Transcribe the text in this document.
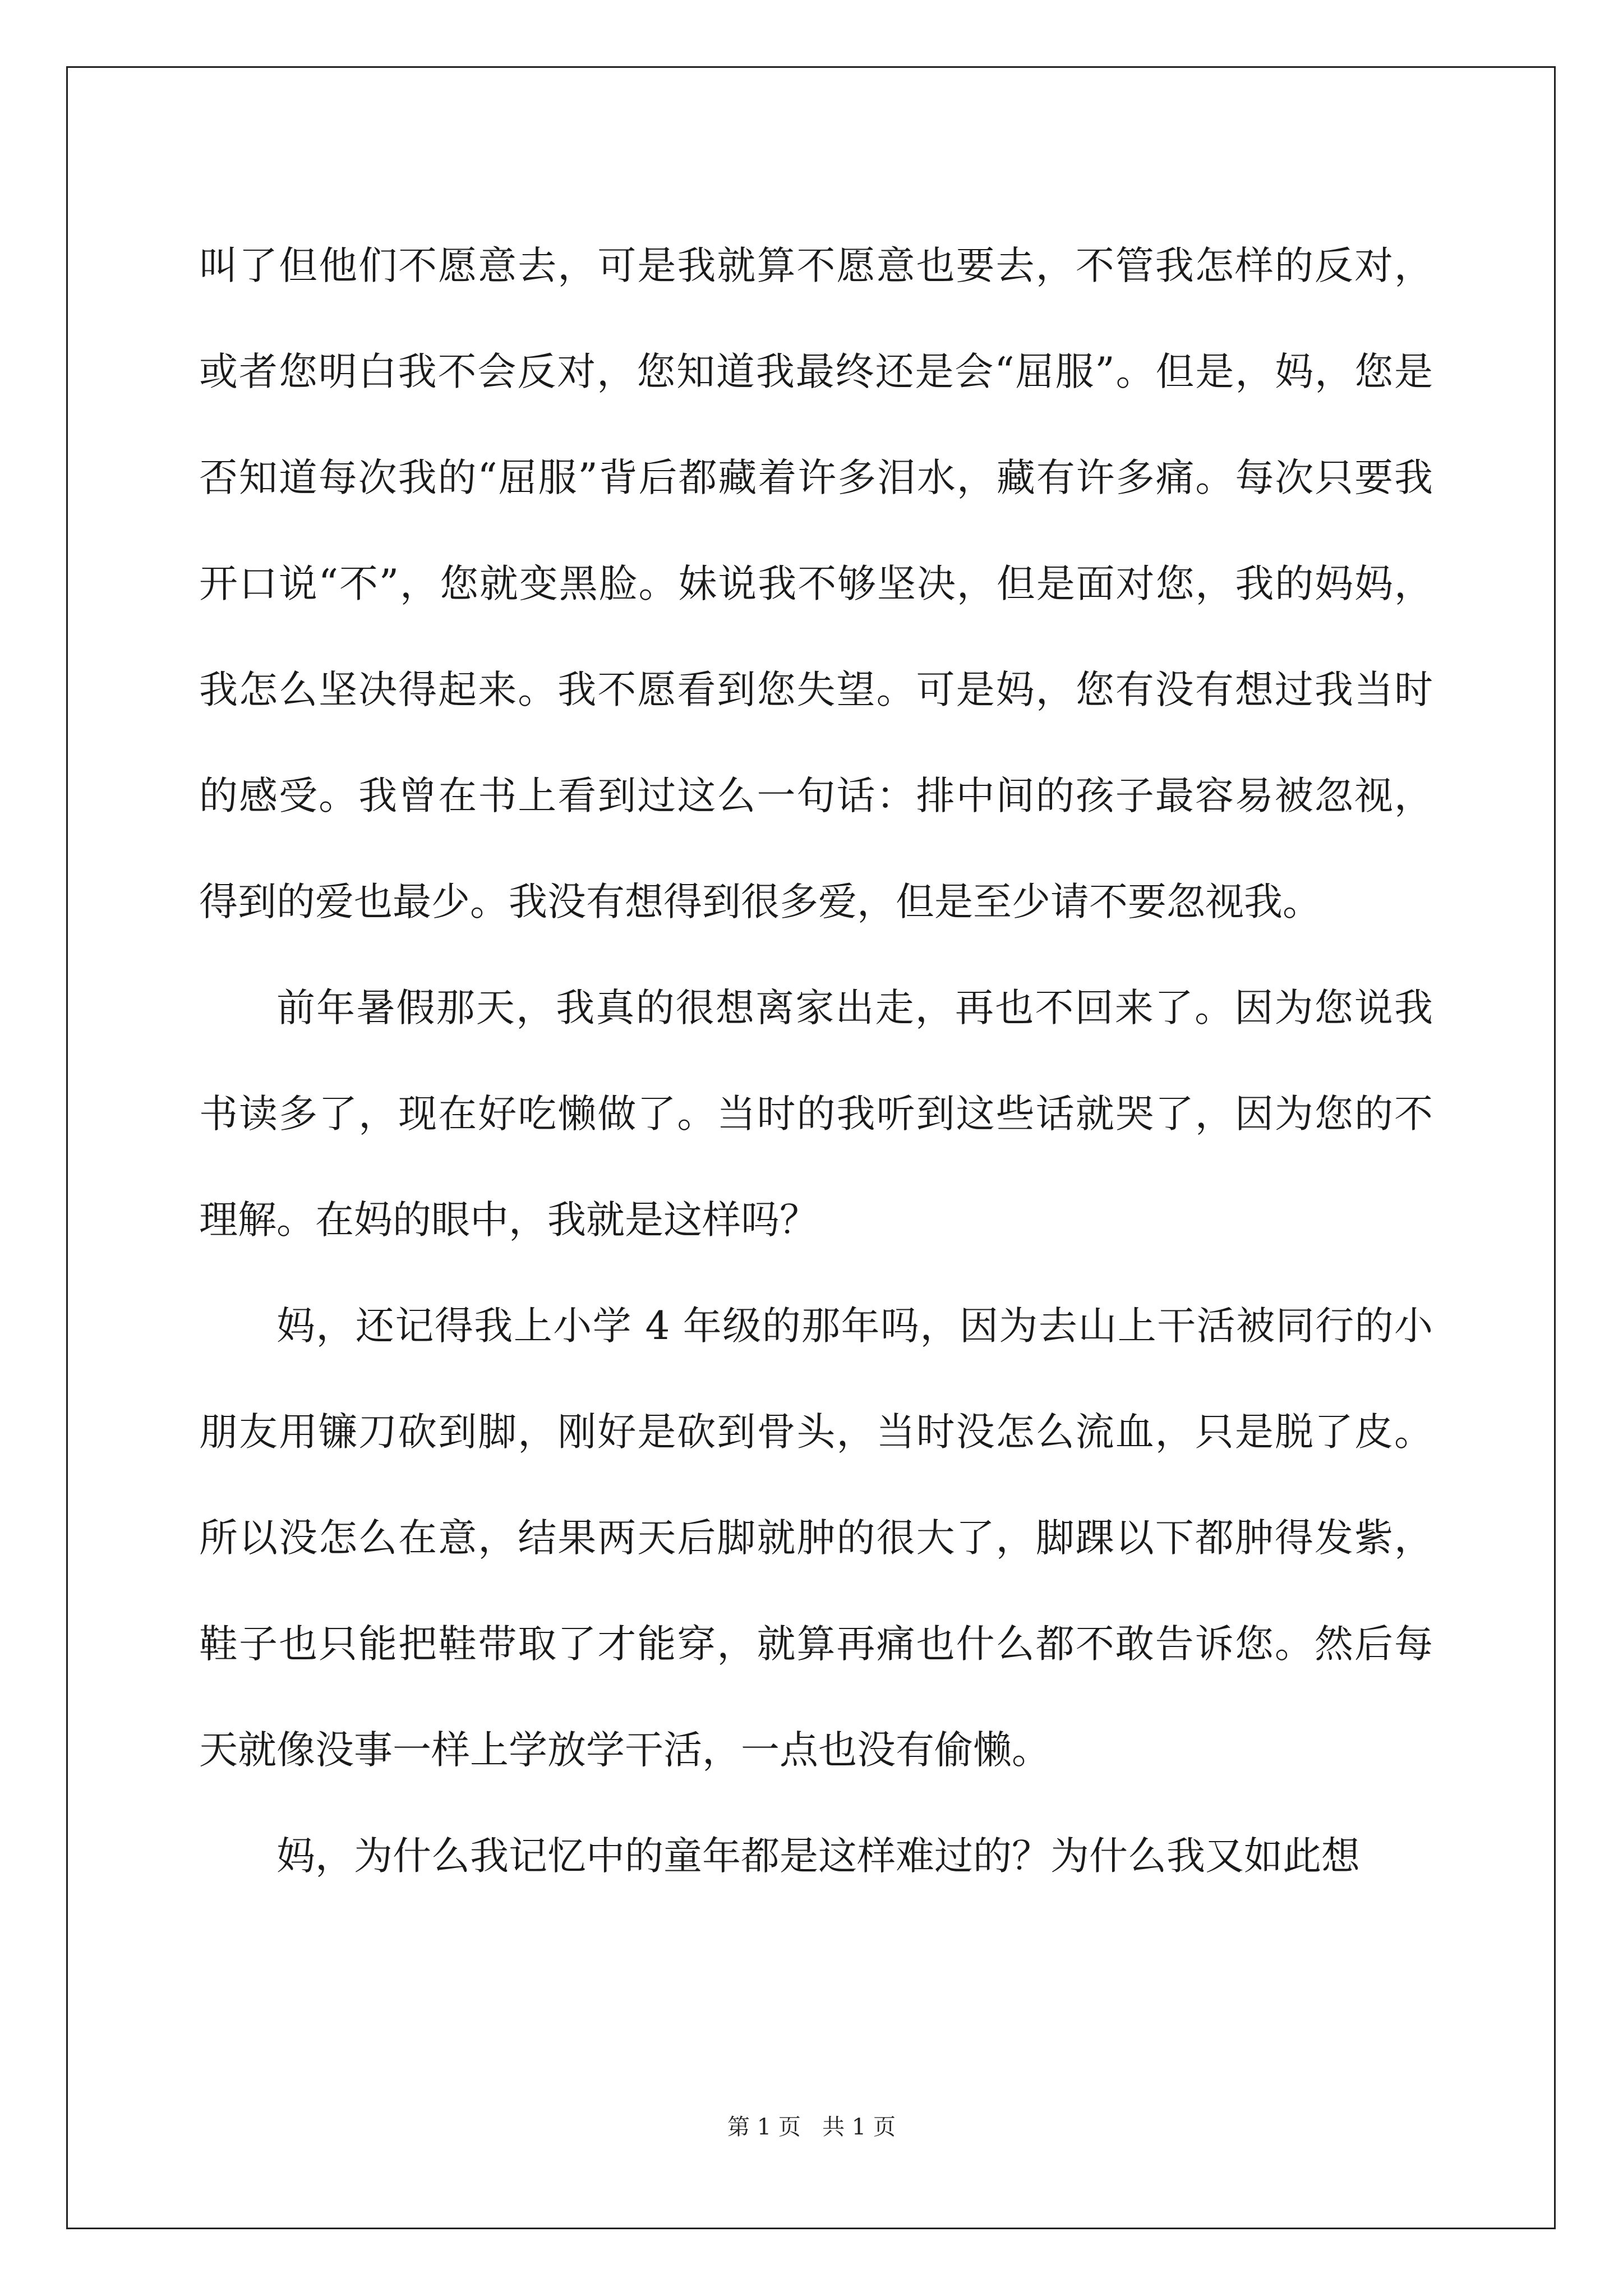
叫了但他们不愿意去，可是我就算不愿意也要去，不管我怎样的反对，或者您明白我不会反对，您知道我最终还是会“屈服”。但是，妈，您是否知道每次我的“屈服”背后都藏着许多泪水，藏有许多痛。每次只要我开口说“不”，您就变黑脸。妹说我不够坚决，但是面对您，我的妈妈，我怎么坚决得起来。我不愿看到您失望。可是妈，您有没有想过我当时的感受。我曾在书上看到过这么一句话：排中间的孩子最容易被忽视，得到的爱也最少。我没有想得到很多爱，但是至少请不要忽视我。

前年暑假那天，我真的很想离家出走，再也不回来了。因为您说我书读多了，现在好吃懒做了。当时的我听到这些话就哭了，因为您的不理解。在妈的眼中，我就是这样吗？

妈，还记得我上小学 4 年级的那年吗，因为去山上干活被同行的小朋友用镰刀砍到脚，刚好是砍到骨头，当时没怎么流血，只是脱了皮。所以没怎么在意，结果两天后脚就肿的很大了，脚踝以下都肿得发紫，鞋子也只能把鞋带取了才能穿，就算再痛也什么都不敢告诉您。然后每天就像没事一样上学放学干活，一点也没有偷懒。

妈，为什么我记忆中的童年都是这样难过的？为什么我又如此想

第 1 页 共 1 页
